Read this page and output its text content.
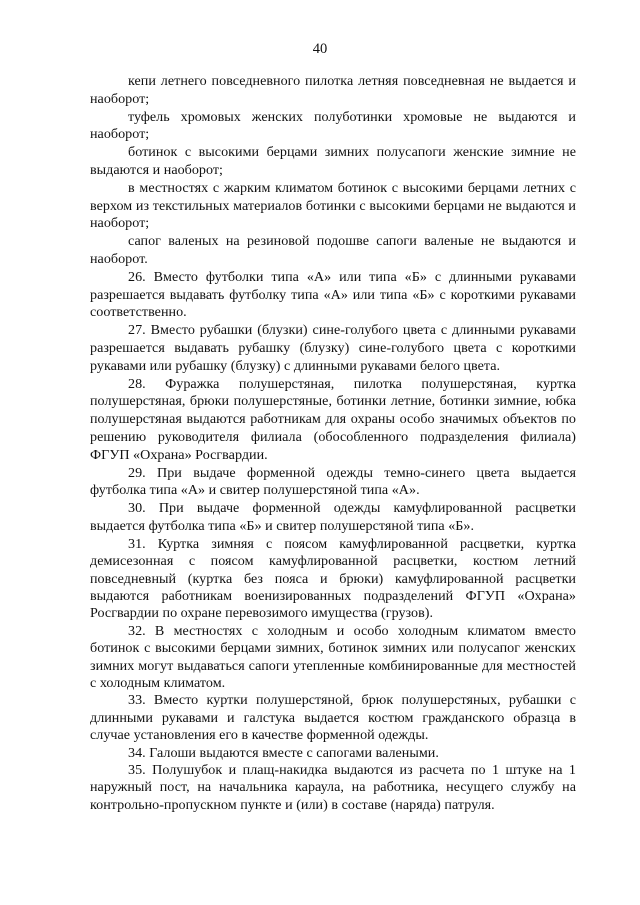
40

кепи летнего повседневного пилотка летняя повседневная не выдается и наоборот;

туфель хромовых женских полуботинки хромовые не выдаются и наоборот;

ботинок с высокими берцами зимних полусапоги женские зимние не выдаются и наоборот;

в местностях с жарким климатом ботинок с высокими берцами летних с верхом из текстильных материалов ботинки с высокими берцами не выдаются и наоборот;

сапог валеных на резиновой подошве сапоги валеные не выдаются и наоборот.

26. Вместо футболки типа «А» или типа «Б» с длинными рукавами разрешается выдавать футболку типа «А» или типа «Б» с короткими рукавами соответственно.

27. Вместо рубашки (блузки) сине-голубого цвета с длинными рукавами разрешается выдавать рубашку (блузку) сине-голубого цвета с короткими рукавами или рубашку (блузку) с длинными рукавами белого цвета.

28. Фуражка полушерстяная, пилотка полушерстяная, куртка полушерстяная, брюки полушерстяные, ботинки летние, ботинки зимние, юбка полушерстяная выдаются работникам для охраны особо значимых объектов по решению руководителя филиала (обособленного подразделения филиала) ФГУП «Охрана» Росгвардии.

29. При выдаче форменной одежды темно-синего цвета выдается футболка типа «А» и свитер полушерстяной типа «А».

30. При выдаче форменной одежды камуфлированной расцветки выдается футболка типа «Б» и свитер полушерстяной типа «Б».

31. Куртка зимняя с поясом камуфлированной расцветки, куртка демисезонная с поясом камуфлированной расцветки, костюм летний повседневный (куртка без пояса и брюки) камуфлированной расцветки выдаются работникам военизированных подразделений ФГУП «Охрана» Росгвардии по охране перевозимого имущества (грузов).

32. В местностях с холодным и особо холодным климатом вместо ботинок с высокими берцами зимних, ботинок зимних или полусапог женских зимних могут выдаваться сапоги утепленные комбинированные для местностей с холодным климатом.

33. Вместо куртки полушерстяной, брюк полушерстяных, рубашки с длинными рукавами и галстука выдается костюм гражданского образца в случае установления его в качестве форменной одежды.

34. Галоши выдаются вместе с сапогами валеными.

35. Полушубок и плащ-накидка выдаются из расчета по 1 штуке на 1 наружный пост, на начальника караула, на работника, несущего службу на контрольно-пропускном пункте и (или) в составе (наряда) патруля.
